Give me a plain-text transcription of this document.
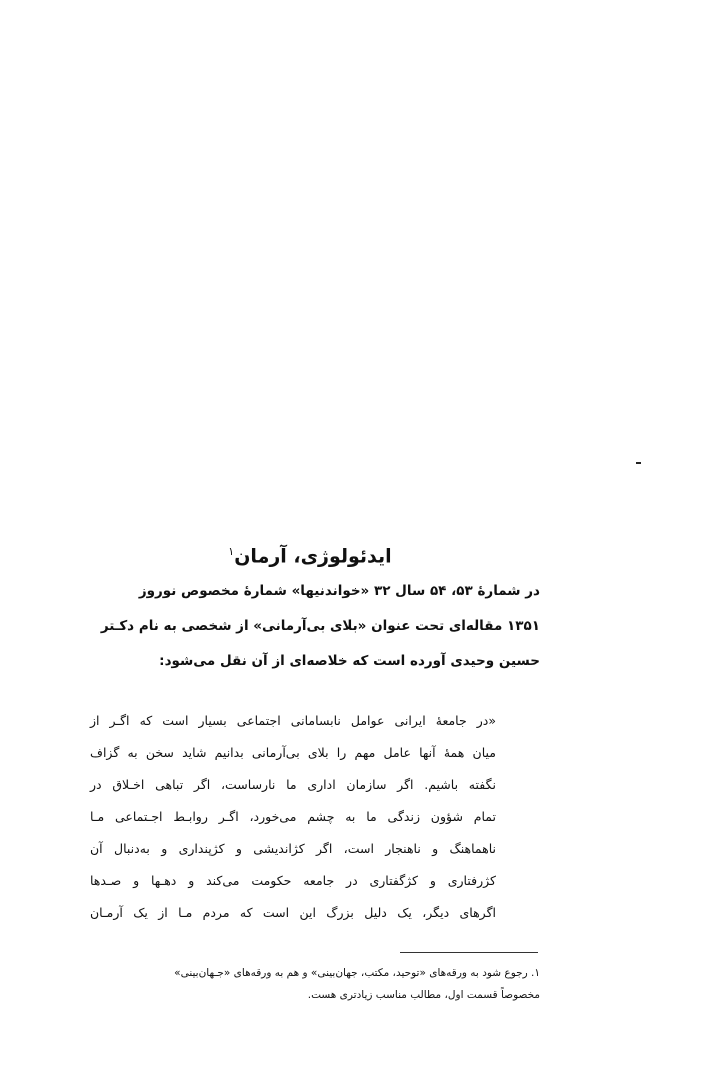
ایدئولوژی، آرمان$^۱$
در شمارهٔ ۵۳، ۵۴ سال ۳۲ «خواندنیها» شمارهٔ مخصوص نوروز
۱۳۵۱ مقاله‌ای تحت عنوان «بلای بی‌آرمانی» از شخصی به نام دکـتر
حسین وحیدی آورده است که خلاصه‌ای از آن نقل می‌شود:
«در جامعهٔ ایرانی عوامل نابسامانی اجتماعی بسیار است که اگـر از
میان همهٔ آنها عامل مهم را بلای بی‌آرمانی بدانیم شاید سخن به گزاف
نگفته باشیم. اگر سازمان اداری ما نارساست، اگر تباهی اخـلاق در
تمام شؤون زندگی ما به چشم می‌خورد، اگـر روابـط اجـتماعی مـا
ناهماهنگ و ناهنجار است، اگر کژاندیشی و کژپنداری و به‌دنبال آن
کژرفتاری و کژگفتاری در جامعه حکومت می‌کند و دهـها و صـدها
اگرهای دیگر، یک دلیل بزرگ این است که مردم مـا از یک آرمـان
۱. رجوع شود به ورقه‌های «توحید، مکتب، جهان‌بینی» و هم به ورقه‌های «جـهان‌بینی»
مخصوصاً قسمت اول، مطالب مناسب زیادتری هست.
